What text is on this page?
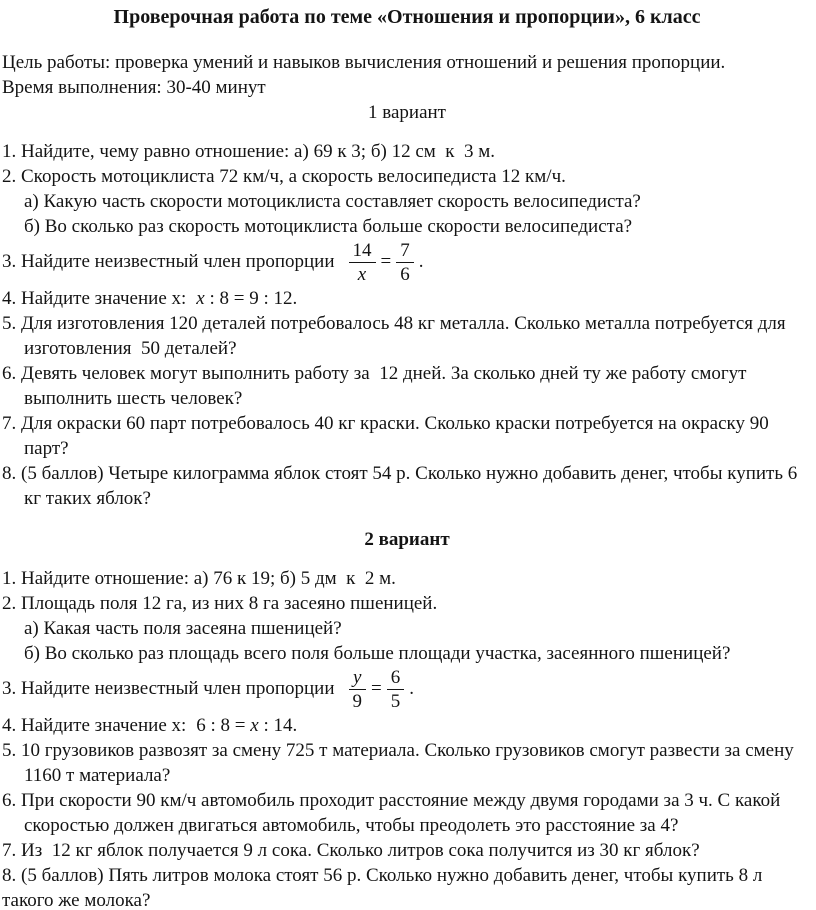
Проверочная работа по теме «Отношения и пропорции», 6 класс

Цель работы: проверка умений и навыков вычисления отношений и решения пропорции.

Время выполнения: 30-40 минут

1 вариант

1. Найдите, чему равно отношение: а) 69 к 3; б) 12 см  к  3 м.

2. Скорость мотоциклиста 72 км/ч, а скорость велосипедиста 12 км/ч.

а) Какую часть скорости мотоциклиста составляет скорость велосипедиста?

б) Во сколько раз скорость мотоциклиста больше скорости велосипедиста?

3. Найдите неизвестный член пропорции $\frac{14}{x} = \frac{7}{6}$ .

4. Найдите значение x: x : 8 = 9 : 12.

5. Для изготовления 120 деталей потребовалось 48 кг металла. Сколько металла потребуется для изготовления  50 деталей?

6. Девять человек могут выполнить работу за  12 дней. За сколько дней ту же работу смогут выполнить шесть человек?

7. Для окраски 60 парт потребовалось 40 кг краски. Сколько краски потребуется на окраску 90 парт?

8. (5 баллов) Четыре килограмма яблок стоят 54 р. Сколько нужно добавить денег, чтобы купить 6 кг таких яблок?

2 вариант

1. Найдите отношение: а) 76 к 19; б) 5 дм  к  2 м.

2. Площадь поля 12 га, из них 8 га засеяно пшеницей.

а) Какая часть поля засеяна пшеницей?

б) Во сколько раз площадь всего поля больше площади участка, засеянного пшеницей?

3. Найдите неизвестный член пропорции $\frac{y}{9} = \frac{6}{5}$ .

4. Найдите значение x: 6 : 8 = x : 14.

5. 10 грузовиков развозят за смену 725 т материала. Сколько грузовиков смогут развести за смену  1160 т материала?

6. При скорости 90 км/ч автомобиль проходит расстояние между двумя городами за 3 ч. С какой скоростью должен двигаться автомобиль, чтобы преодолеть это расстояние за 4?

7. Из  12 кг яблок получается 9 л сока. Сколько литров сока получится из 30 кг яблок?

8. (5 баллов) Пять литров молока стоят 56 р. Сколько нужно добавить денег, чтобы купить 8 л такого же молока?
